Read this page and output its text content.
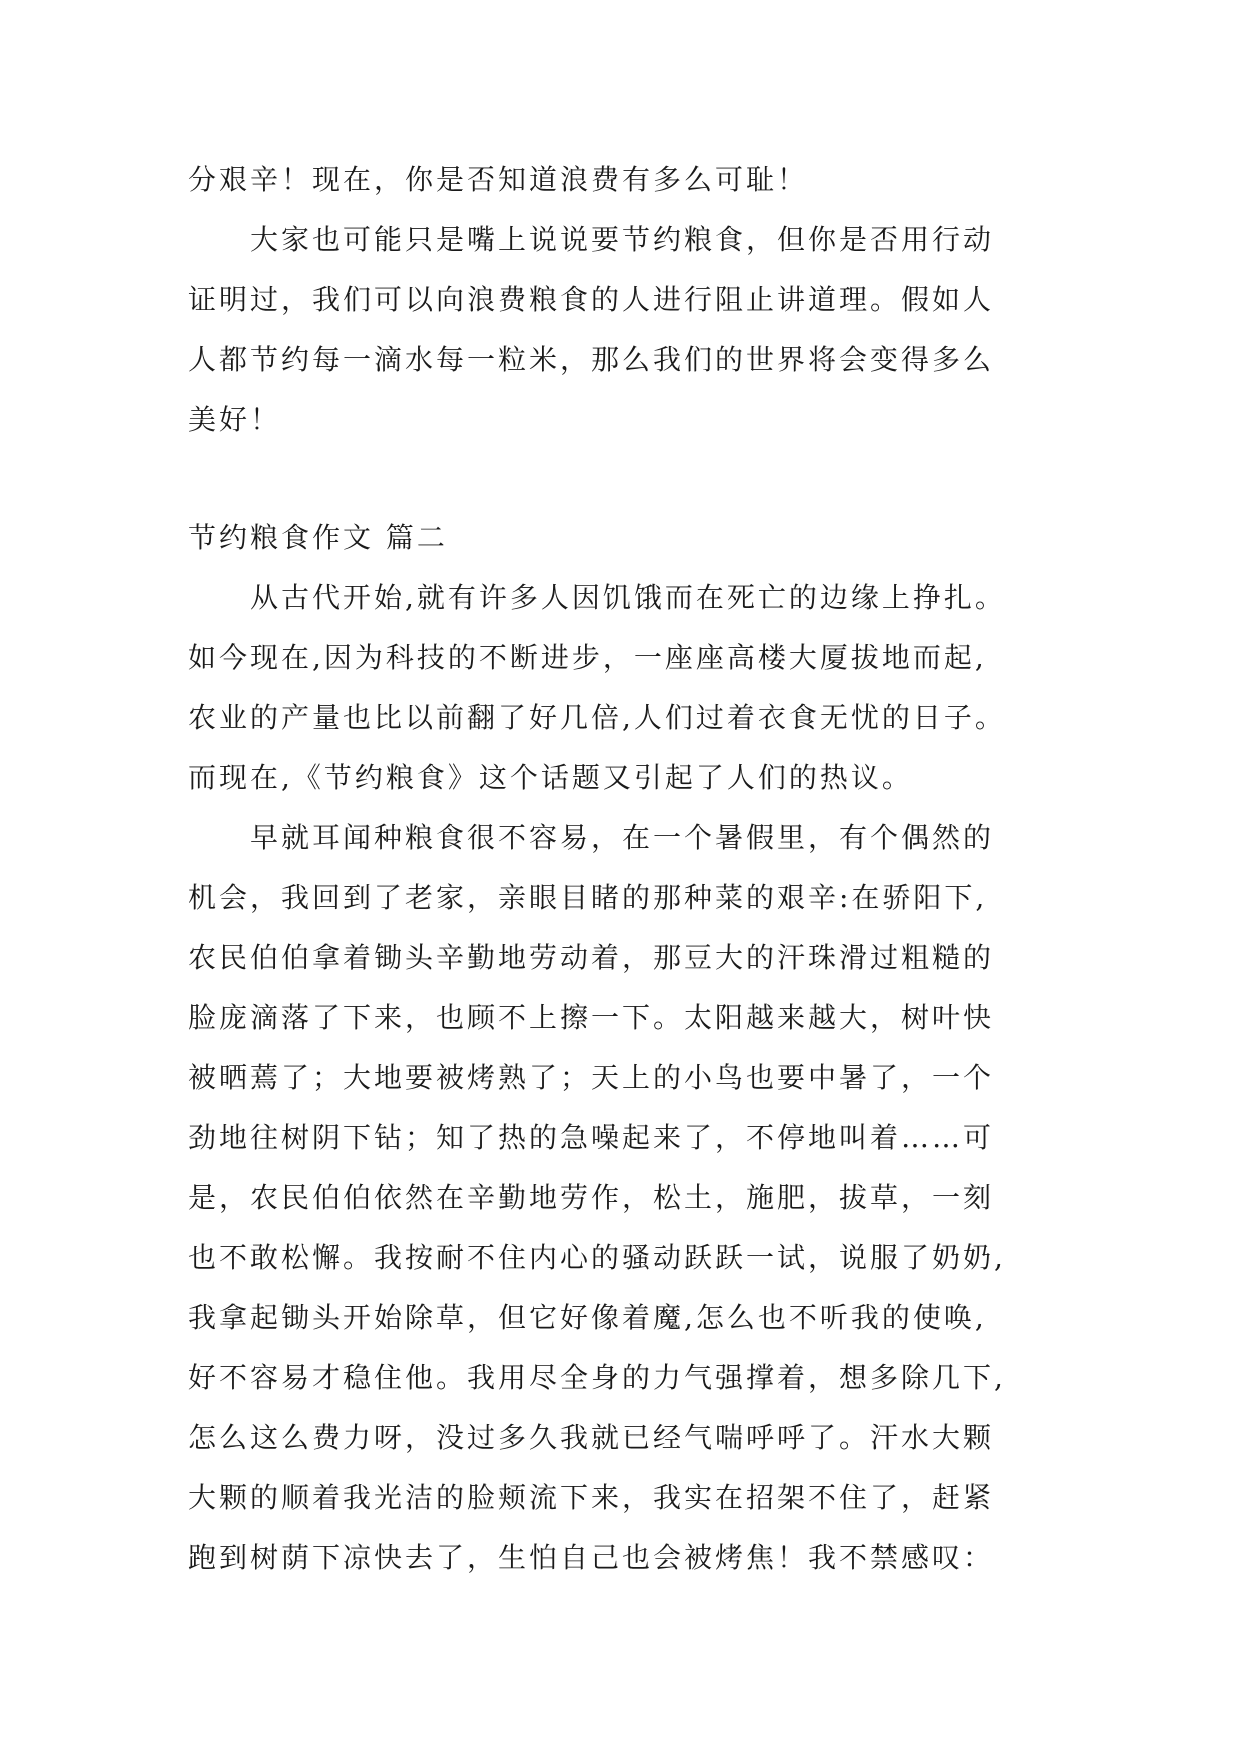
分艰辛！现在，你是否知道浪费有多么可耻！
大家也可能只是嘴上说说要节约粮食，但你是否用行动
证明过，我们可以向浪费粮食的人进行阻止讲道理。假如人
人都节约每一滴水每一粒米，那么我们的世界将会变得多么
美好！
节约粮食作文 篇二
从古代开始,就有许多人因饥饿而在死亡的边缘上挣扎。
如今现在,因为科技的不断进步，一座座高楼大厦拔地而起,
农业的产量也比以前翻了好几倍,人们过着衣食无忧的日子。
而现在,《节约粮食》这个话题又引起了人们的热议。
早就耳闻种粮食很不容易，在一个暑假里，有个偶然的
机会，我回到了老家，亲眼目睹的那种菜的艰辛:在骄阳下,
农民伯伯拿着锄头辛勤地劳动着，那豆大的汗珠滑过粗糙的
脸庞滴落了下来，也顾不上擦一下。太阳越来越大，树叶快
被晒蔫了；大地要被烤熟了；天上的小鸟也要中暑了，一个
劲地往树阴下钻；知了热的急噪起来了，不停地叫着……可
是，农民伯伯依然在辛勤地劳作，松土，施肥，拔草，一刻
也不敢松懈。我按耐不住内心的骚动跃跃一试，说服了奶奶,
我拿起锄头开始除草，但它好像着魔,怎么也不听我的使唤,
好不容易才稳住他。我用尽全身的力气强撑着，想多除几下,
怎么这么费力呀，没过多久我就已经气喘呼呼了。汗水大颗
大颗的顺着我光洁的脸颊流下来，我实在招架不住了，赶紧
跑到树荫下凉快去了，生怕自己也会被烤焦！我不禁感叹：
